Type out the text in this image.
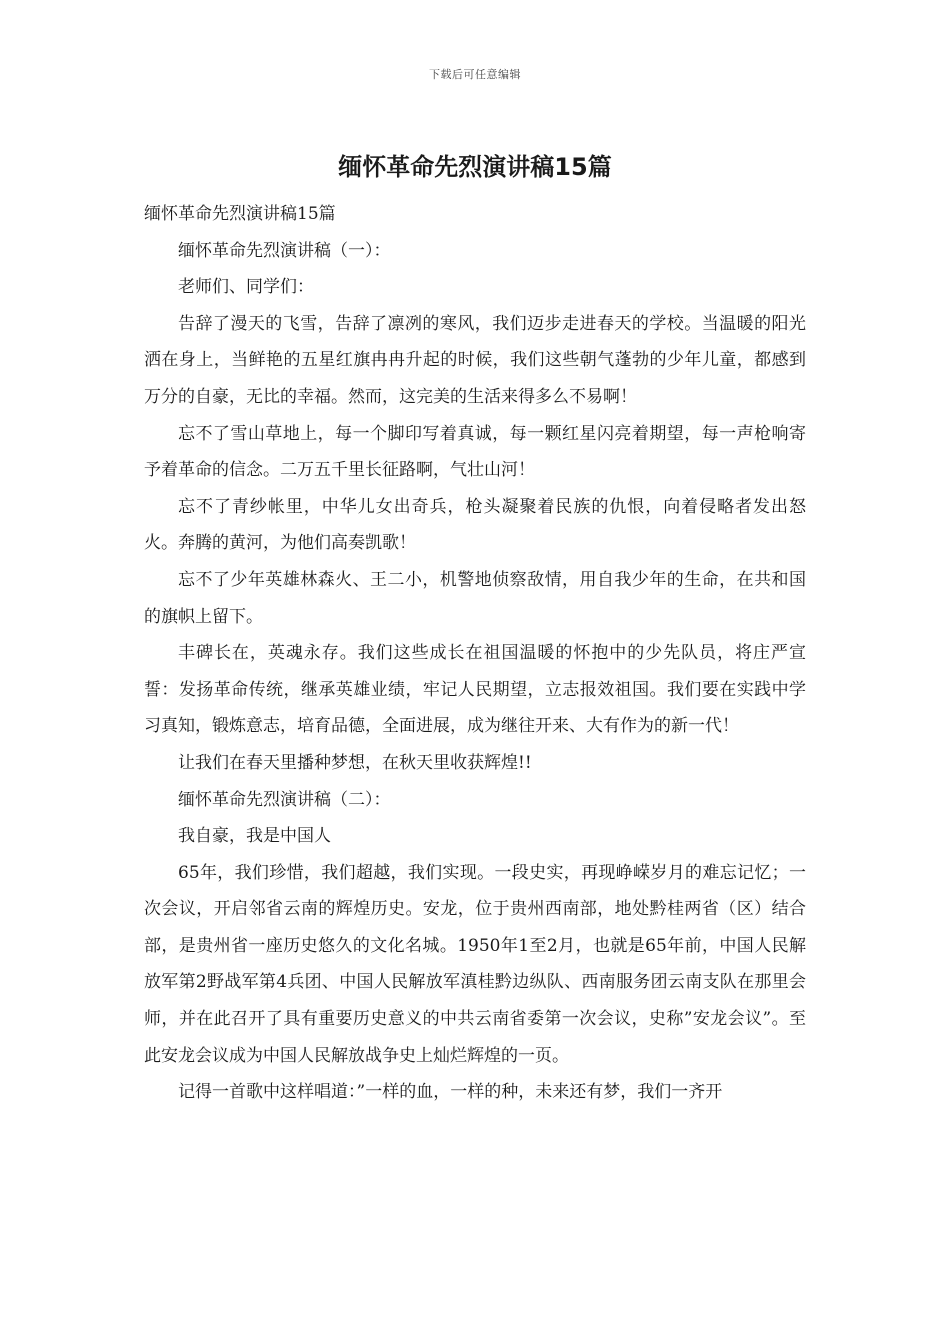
下载后可任意编辑
缅怀革命先烈演讲稿15篇

缅怀革命先烈演讲稿15篇

缅怀革命先烈演讲稿（一）：

老师们、同学们：

告辞了漫天的飞雪，告辞了凛冽的寒风，我们迈步走进春天的学校。当温暖的阳光洒在身上，当鲜艳的五星红旗冉冉升起的时候，我们这些朝气蓬勃的少年儿童，都感到万分的自豪，无比的幸福。然而，这完美的生活来得多么不易啊！

忘不了雪山草地上，每一个脚印写着真诚，每一颗红星闪亮着期望，每一声枪响寄予着革命的信念。二万五千里长征路啊，气壮山河！

忘不了青纱帐里，中华儿女出奇兵，枪头凝聚着民族的仇恨，向着侵略者发出怒火。奔腾的黄河，为他们高奏凯歌！

忘不了少年英雄林森火、王二小，机警地侦察敌情，用自我少年的生命，在共和国的旗帜上留下。

丰碑长在，英魂永存。我们这些成长在祖国温暖的怀抱中的少先队员，将庄严宣誓：发扬革命传统，继承英雄业绩，牢记人民期望，立志报效祖国。我们要在实践中学习真知，锻炼意志，培育品德，全面进展，成为继往开来、大有作为的新一代！

让我们在春天里播种梦想，在秋天里收获辉煌!!

缅怀革命先烈演讲稿（二）：

我自豪，我是中国人

65年，我们珍惜，我们超越，我们实现。一段史实，再现峥嵘岁月的难忘记忆；一次会议，开启邻省云南的辉煌历史。安龙，位于贵州西南部，地处黔桂两省（区）结合部，是贵州省一座历史悠久的文化名城。1950年1至2月，也就是65年前，中国人民解放军第2野战军第4兵团、中国人民解放军滇桂黔边纵队、西南服务团云南支队在那里会师，并在此召开了具有重要历史意义的中共云南省委第一次会议，史称”安龙会议”。至此安龙会议成为中国人民解放战争史上灿烂辉煌的一页。

记得一首歌中这样唱道：”一样的血，一样的种，未来还有梦，我们一齐开
